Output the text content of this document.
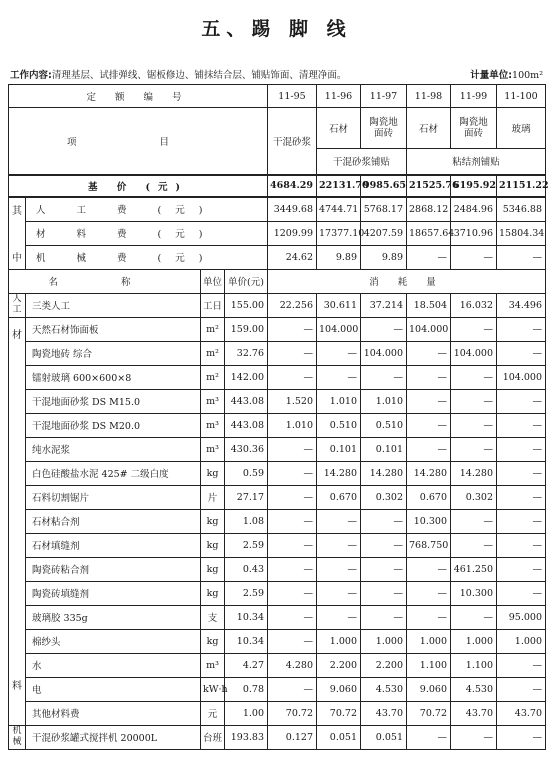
五、踢 脚 线
工作内容:清理基层、试排弹线、锯板修边、铺抹结合层、铺贴饰面、清理净面。	计量单位:100m²
定 额 编 号				11-95	11-96	11-97	11-98	11-99	11-100
项 目				干混砂浆	石材	陶瓷地面砖	石材	陶瓷地面砖	玻璃
					干混砂浆铺贴		粘结剂铺贴		
基 价 (元)				4684.29	22131.70	9985.65	21525.76	6195.92	21151.22
其	人 工 费 (元)			3449.68	4744.71	5768.17	2868.12	2484.96	5346.88
	材 料 费 (元)			1209.99	17377.10	4207.59	18657.64	3710.96	15804.34
中	机 械 费 (元)			24.62	9.89	9.89	—	—	—
名 称		单位	单价(元)	消 耗 量					
人工	三类人工	工日	155.00	22.256	30.611	37.214	18.504	16.032	34.496
材	天然石材饰面板	m²	159.00	—	104.000	—	104.000	—	—
	陶瓷地砖 综合	m²	32.76	—	—	104.000	—	104.000	—
	镭射玻璃 600×600×8	m²	142.00	—	—	—	—	—	104.000
	干混地面砂浆 DS M15.0	m³	443.08	1.520	1.010	1.010	—	—	—
	干混地面砂浆 DS M20.0	m³	443.08	1.010	0.510	0.510	—	—	—
	纯水泥浆	m³	430.36	—	0.101	0.101	—	—	—
	白色硅酸盐水泥 425# 二级白度	kg	0.59	—	14.280	14.280	14.280	14.280	—
	石料切割锯片	片	27.17	—	0.670	0.302	0.670	0.302	—
	石材粘合剂	kg	1.08	—	—	—	10.300	—	—
	石材填缝剂	kg	2.59	—	—	—	768.750	—	—
	陶瓷砖粘合剂	kg	0.43	—	—	—	—	461.250	—
	陶瓷砖填缝剂	kg	2.59	—	—	—	—	10.300	—
	玻璃胶 335g	支	10.34	—	—	—	—	—	95.000
	棉纱头	kg	10.34	—	1.000	1.000	1.000	1.000	1.000
	水	m³	4.27	4.280	2.200	2.200	1.100	1.100	—
料	电	kW·h	0.78	—	9.060	4.530	9.060	4.530	—
	其他材料费	元	1.00	70.72	70.72	43.70	70.72	43.70	43.70
机械	干混砂浆罐式搅拌机 20000L	台班	193.83	0.127	0.051	0.051	—	—	—
